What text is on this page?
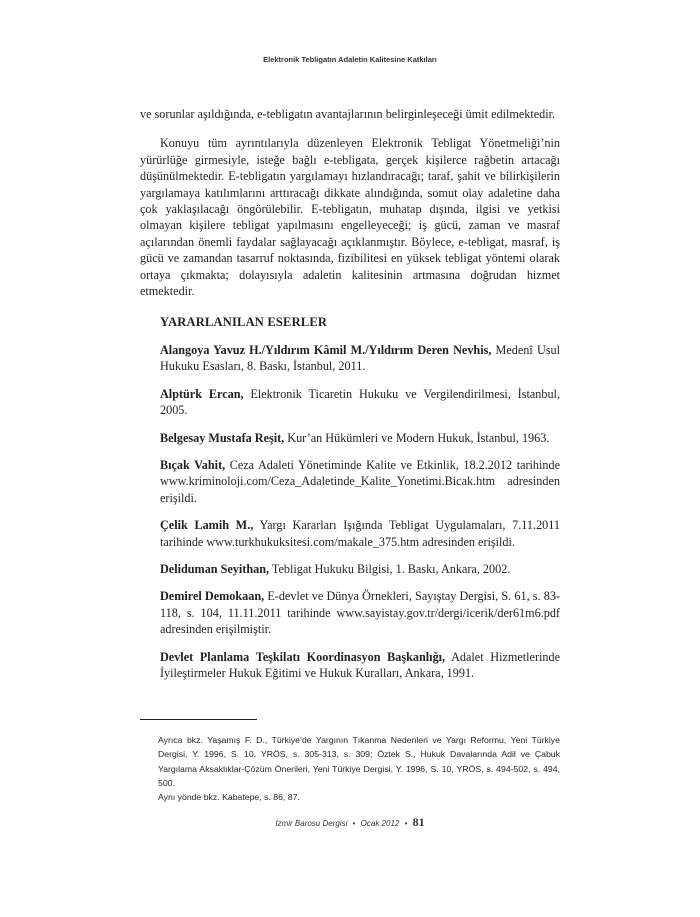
Elektronik Tebligatın Adaletin Kalitesine Katkıları

ve sorunlar aşıldığında, e-tebligatın avantajlarının belirginleşeceği ümit edilmektedir.

Konuyu tüm ayrıntılarıyla düzenleyen Elektronik Tebligat Yönetmeliği’nin yürürlüğe girmesiyle, isteğe bağlı e-tebligata, gerçek kişilerce rağbetin artacağı düşünülmektedir. E-tebligatın yargılamayı hızlandıracağı; taraf, şahit ve bilirkişilerin yargılamaya katılımlarını arttıracağı dikkate alındığında, somut olay adaletine daha çok yaklaşılacağı öngörülebilir. E-tebligatın, muhatap dışında, ilgisi ve yetkisi olmayan kişilere tebligat yapılmasını engelleyeceği; iş gücü, zaman ve masraf açılarından önemli faydalar sağlayacağı açıklanmıştır. Böylece, e-tebligat, masraf, iş gücü ve zamandan tasarruf noktasında, fizibilitesi en yüksek tebligat yöntemi olarak ortaya çıkmakta; dolayısıyla adaletin kalitesinin artmasına doğrudan hizmet etmektedir.

YARARLANILAN ESERLER
Alangoya Yavuz H./Yıldırım Kâmil M./Yıldırım Deren Nevhis, Medenî Usul Hukuku Esasları, 8. Baskı, İstanbul, 2011.
Alptürk Ercan, Elektronik Ticaretin Hukuku ve Vergilendirilmesi, İstanbul, 2005.
Belgesay Mustafa Reşit, Kur’an Hükümleri ve Modern Hukuk, İstanbul, 1963.
Bıçak Vahit, Ceza Adaleti Yönetiminde Kalite ve Etkinlik, 18.2.2012 tarihinde www.kriminoloji.com/Ceza_Adaletinde_Kalite_Yonetimi.Bicak.htm adresinden erişildi.
Çelik Lamih M., Yargı Kararları Işığında Tebligat Uygulamaları, 7.11.2011 tarihinde www.turkhukuksitesi.com/makale_375.htm adresinden erişildi.
Deliduman Seyithan, Tebligat Hukuku Bilgisi, 1. Baskı, Ankara, 2002.
Demirel Demokaan, E-devlet ve Dünya Örnekleri, Sayıştay Dergisi, S. 61, s. 83-118, s. 104, 11.11.2011 tarihinde www.sayistay.gov.tr/dergi/icerik/der61m6.pdf adresinden erişilmiştir.
Devlet Planlama Teşkilatı Koordinasyon Başkanlığı, Adalet Hizmetlerinde İyileştirmeler Hukuk Eğitimi ve Hukuk Kuralları, Ankara, 1991.

Ayrıca bkz. Yaşamış F. D., Türkiye’de Yargının Tıkanma Nedenleri ve Yargı Reformu, Yeni Türkiye Dergisi, Y. 1996, S. 10, YRÖS, s. 305-313, s. 309; Öztek S., Hukuk Davalarında Adil ve Çabuk Yargılama Aksaklıklar-Çözüm Önerileri, Yeni Türkiye Dergisi, Y. 1996, S. 10, YRÖS, s. 494-502, s. 494, 500.

Aynı yönde bkz. Kabatepe, s. 86, 87.

İzmir Barosu Dergisi • Ocak 2012 • 81
